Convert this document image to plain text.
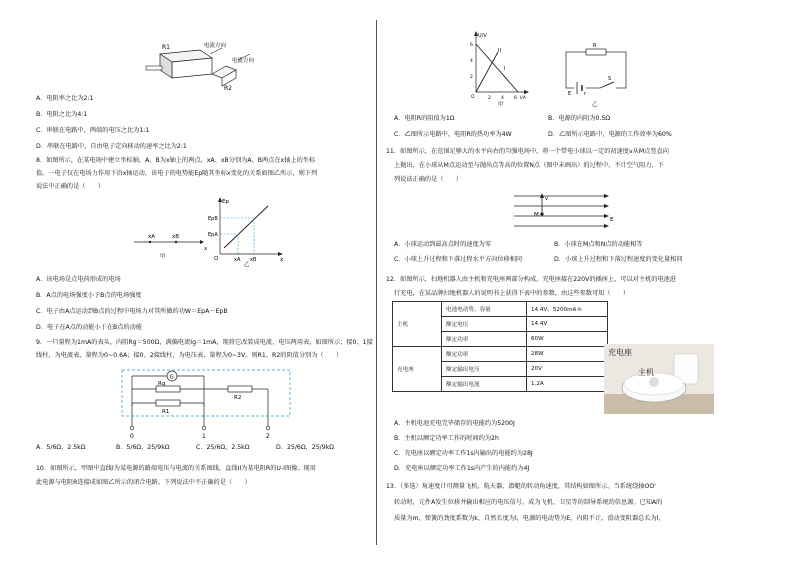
R1	电流方向
电流方向
R2
A．电阻率之比为2:1
B．电阻之比为4:1
C．串联在电路中，两端的电压之比为1:1
D．串联在电路中，自由电子定向移动的速率之比为2:1
8．如图所示，在某电场中建立坐标轴，A、B为x轴上的两点，xA、xB分别为A、B两点在x轴上的坐标
值。一电子仅在电场力作用下沿x轴运动，该电子的电势能Ep随其坐标x变化的关系如图乙所示，则下列
说法中正确的是（　　）
xA	xB
x
Ep
EpB
EpA
O	xA xB	x
甲
乙
A．该电场是点电荷形成的电场
B．A点的电场强度小于B点的电场强度
C．电子由A点运动到B点的过程中电场力对其所做的功W＝EpA－EpB
D．电子在A点的动能小于在B点的动能
9．一只量程为1mA的表头，内阻Rg＝500Ω，满偏电流Ig＝1mA，现将它改装成电流、电压两用表，如图所示；接0、1接
线柱，为电流表，量程为0~0.6A；接0、2接线柱，为电压表，量程为0~3V。则R1、R2的阻值分别为（　　）
G
Rg
R1
R2
0	1	2
A．5/6Ω，2.5kΩ	B．5/6Ω，25/9kΩ	C．25/6Ω，2.5kΩ	D．25/6Ω，25/9kΩ
10．如图所示，甲图中直线I为某电源的路端电压与电流的关系图线，直线II为某电阻R的U-I图像。现用
此电源与电阻R连接成如图乙所示的闭合电路。下列说法中不正确的是（　　）
U/V
II
I
6
4
2
2 4 6 I/A
O
甲
R
E	r
S
乙
A．电阻R的阻值为1Ω	B．电源的内阻为0.5Ω
C．乙图所示电路中，电阻R的热功率为4W	D．乙图所示电路中，电源的工作效率为60%
11．如图所示，在范围足够大的水平向右的匀强电场中，将一个带电小球以一定的初速度v从M点竖直向
上抛出，在小球从M点运动至与抛出点等高的位置N点（图中未画出）的过程中，不计空气阻力，下
列说法正确的是（　　）
v
M
E
A．小球运动到最高点时的速度为零	B．小球在M点和N点的动能相等
C．小球上升过程和下落过程水平方向位移相同	D．小球上升过程和下落过程速度的变化量相同
12．如图所示，扫地机器人由主机和充电座两部分构成，充电座接在220V的插座上，可以对主机的电池进
行充电，在某品牌扫地机器人的说明书上获得下表中的参数，由这些参数可知（　　）
主机	电池电动势、容量	14.4V、5200mA·h
	额定电压	14.4V
	额定功率	60W
充电座	额定功率	28W
	额定输出电压	20V
	额定输出电流	1.2A
充电座
主机
A．主机电池充电完毕储存的电能约为5200J
B．主机以额定功率工作的时间约为2h
C．充电座以额定功率工作1s内输出的电能约为28J
D．充电座以额定功率工作1s内产生的内能约为4J
13．（多选）角速度计可测量飞机、航天器、潜艇的转动角速度，其结构如图所示。当系统绕轴OO'
转动时，元件A发生位移并输出相应的电压信号，成为飞机、卫星等的制导系统的信息源。已知A的
质量为m，弹簧的劲度系数为k，自然长度为l，电源的电动势为E，内阻不计。滑动变阻器总长为l，
